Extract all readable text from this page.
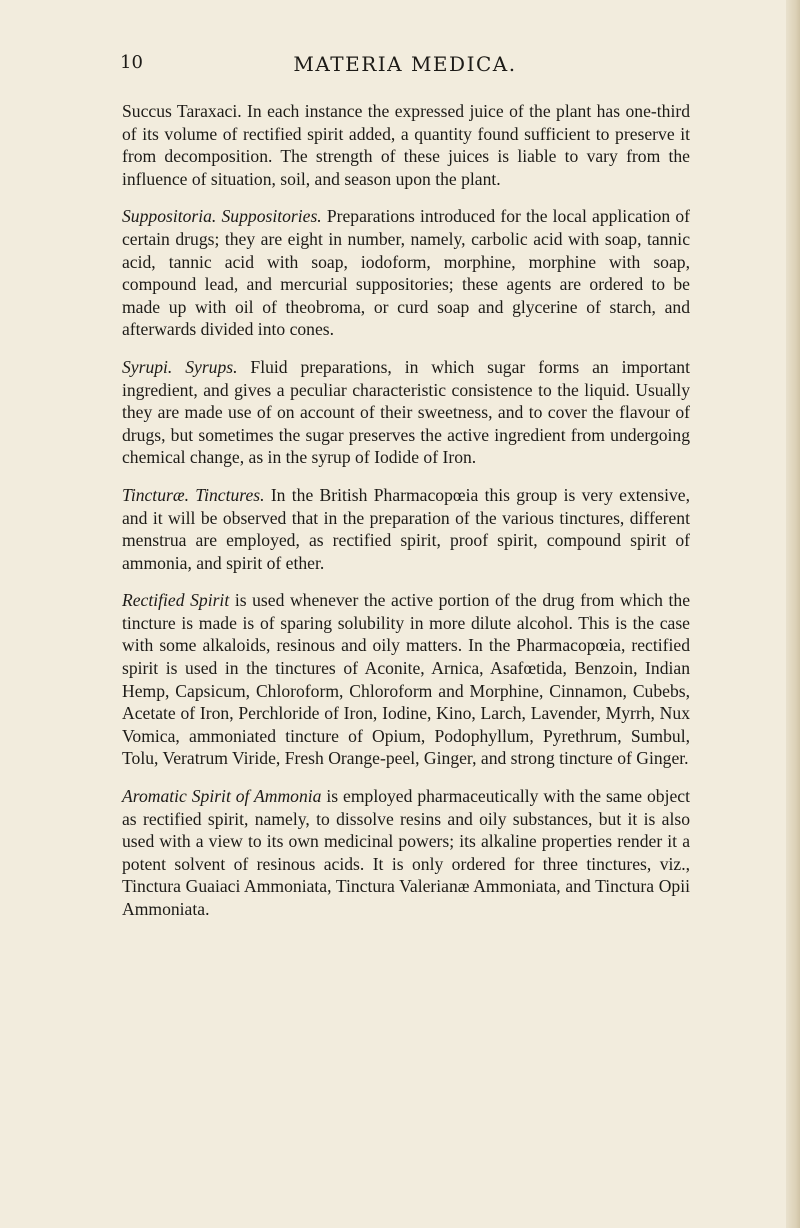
10	MATERIA MEDICA.

Succus Taraxaci. In each instance the expressed juice of the plant has one-third of its volume of rectified spirit added, a quantity found sufficient to preserve it from decomposition. The strength of these juices is liable to vary from the influence of situation, soil, and season upon the plant.

Suppositoria. Suppositories. Preparations introduced for the local application of certain drugs; they are eight in number, namely, carbolic acid with soap, tannic acid, tannic acid with soap, iodoform, morphine, morphine with soap, compound lead, and mercurial suppositories; these agents are ordered to be made up with oil of theobroma, or curd soap and glycerine of starch, and afterwards divided into cones.

Syrupi. Syrups. Fluid preparations, in which sugar forms an important ingredient, and gives a peculiar characteristic consistence to the liquid. Usually they are made use of on account of their sweetness, and to cover the flavour of drugs, but sometimes the sugar preserves the active ingredient from undergoing chemical change, as in the syrup of Iodide of Iron.

Tincturæ. Tinctures. In the British Pharmacopœia this group is very extensive, and it will be observed that in the preparation of the various tinctures, different menstrua are employed, as rectified spirit, proof spirit, compound spirit of ammonia, and spirit of ether.

Rectified Spirit is used whenever the active portion of the drug from which the tincture is made is of sparing solubility in more dilute alcohol. This is the case with some alkaloids, resinous and oily matters. In the Pharmacopœia, rectified spirit is used in the tinctures of Aconite, Arnica, Asafœtida, Benzoin, Indian Hemp, Capsicum, Chloroform, Chloroform and Morphine, Cinnamon, Cubebs, Acetate of Iron, Perchloride of Iron, Iodine, Kino, Larch, Lavender, Myrrh, Nux Vomica, ammoniated tincture of Opium, Podophyllum, Pyrethrum, Sumbul, Tolu, Veratrum Viride, Fresh Orange-peel, Ginger, and strong tincture of Ginger.

Aromatic Spirit of Ammonia is employed pharmaceutically with the same object as rectified spirit, namely, to dissolve resins and oily substances, but it is also used with a view to its own medicinal powers; its alkaline properties render it a potent solvent of resinous acids. It is only ordered for three tinctures, viz., Tinctura Guaiaci Ammoniata, Tinctura Valerianæ Ammoniata, and Tinctura Opii Ammoniata.
